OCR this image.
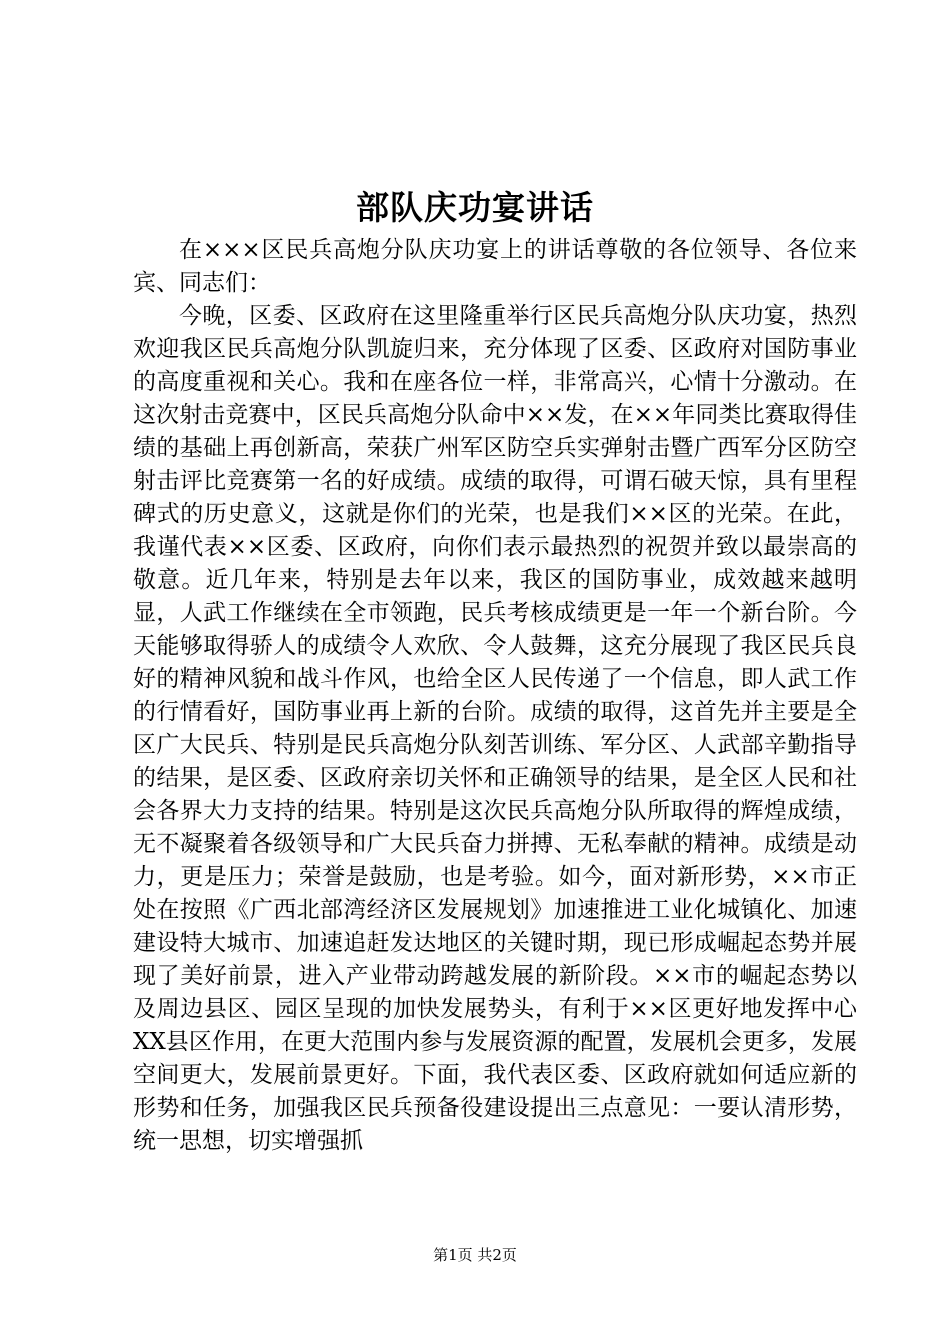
部队庆功宴讲话

在×××区民兵高炮分队庆功宴上的讲话尊敬的各位领导、各位来宾、同志们：

今晚，区委、区政府在这里隆重举行区民兵高炮分队庆功宴，热烈欢迎我区民兵高炮分队凯旋归来，充分体现了区委、区政府对国防事业的高度重视和关心。我和在座各位一样，非常高兴，心情十分激动。在这次射击竞赛中，区民兵高炮分队命中××发，在××年同类比赛取得佳绩的基础上再创新高，荣获广州军区防空兵实弹射击暨广西军分区防空射击评比竞赛第一名的好成绩。成绩的取得，可谓石破天惊，具有里程碑式的历史意义，这就是你们的光荣，也是我们××区的光荣。在此，我谨代表××区委、区政府，向你们表示最热烈的祝贺并致以最崇高的敬意。近几年来，特别是去年以来，我区的国防事业，成效越来越明显，人武工作继续在全市领跑，民兵考核成绩更是一年一个新台阶。今天能够取得骄人的成绩令人欢欣、令人鼓舞，这充分展现了我区民兵良好的精神风貌和战斗作风，也给全区人民传递了一个信息，即人武工作的行情看好，国防事业再上新的台阶。成绩的取得，这首先并主要是全区广大民兵、特别是民兵高炮分队刻苦训练、军分区、人武部辛勤指导的结果，是区委、区政府亲切关怀和正确领导的结果，是全区人民和社会各界大力支持的结果。特别是这次民兵高炮分队所取得的辉煌成绩，无不凝聚着各级领导和广大民兵奋力拼搏、无私奉献的精神。成绩是动力，更是压力；荣誉是鼓励，也是考验。如今，面对新形势，××市正处在按照《广西北部湾经济区发展规划》加速推进工业化城镇化、加速建设特大城市、加速追赶发达地区的关键时期，现已形成崛起态势并展现了美好前景，进入产业带动跨越发展的新阶段。××市的崛起态势以及周边县区、园区呈现的加快发展势头，有利于××区更好地发挥中心XX县区作用，在更大范围内参与发展资源的配置，发展机会更多，发展空间更大，发展前景更好。下面，我代表区委、区政府就如何适应新的形势和任务，加强我区民兵预备役建设提出三点意见：一要认清形势，统一思想，切实增强抓

第1页 共2页
